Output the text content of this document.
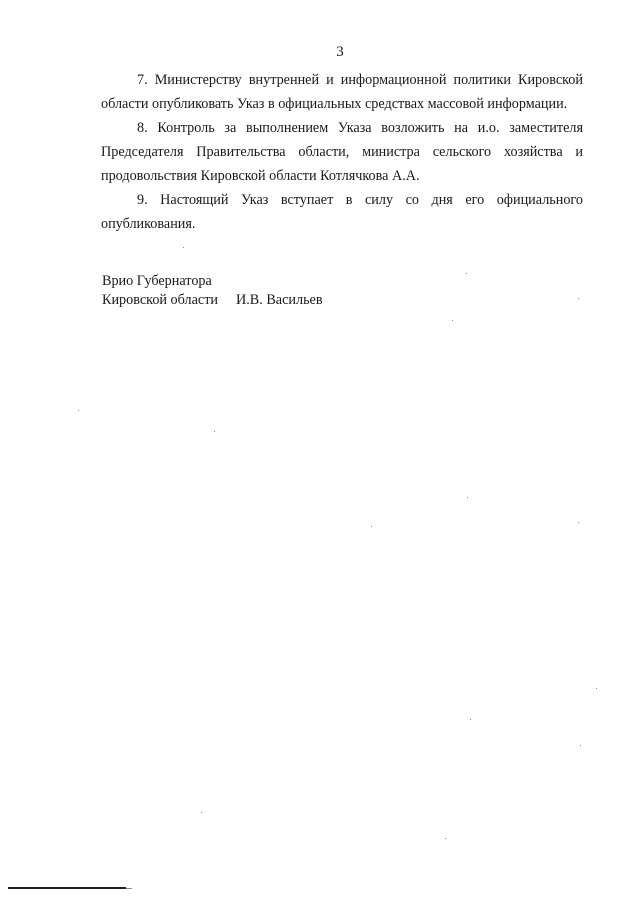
3

7. Министерству внутренней и информационной политики Кировской области опубликовать Указ в официальных средствах массовой информации.

8. Контроль за выполнением Указа возложить на и.о. заместителя Председателя Правительства области, министра сельского хозяйства и продовольствия Кировской области Котлячкова А.А.

9. Настоящий Указ вступает в силу со дня его официального опубликования.

Врио Губернатора
Кировской области И.В. Васильев
